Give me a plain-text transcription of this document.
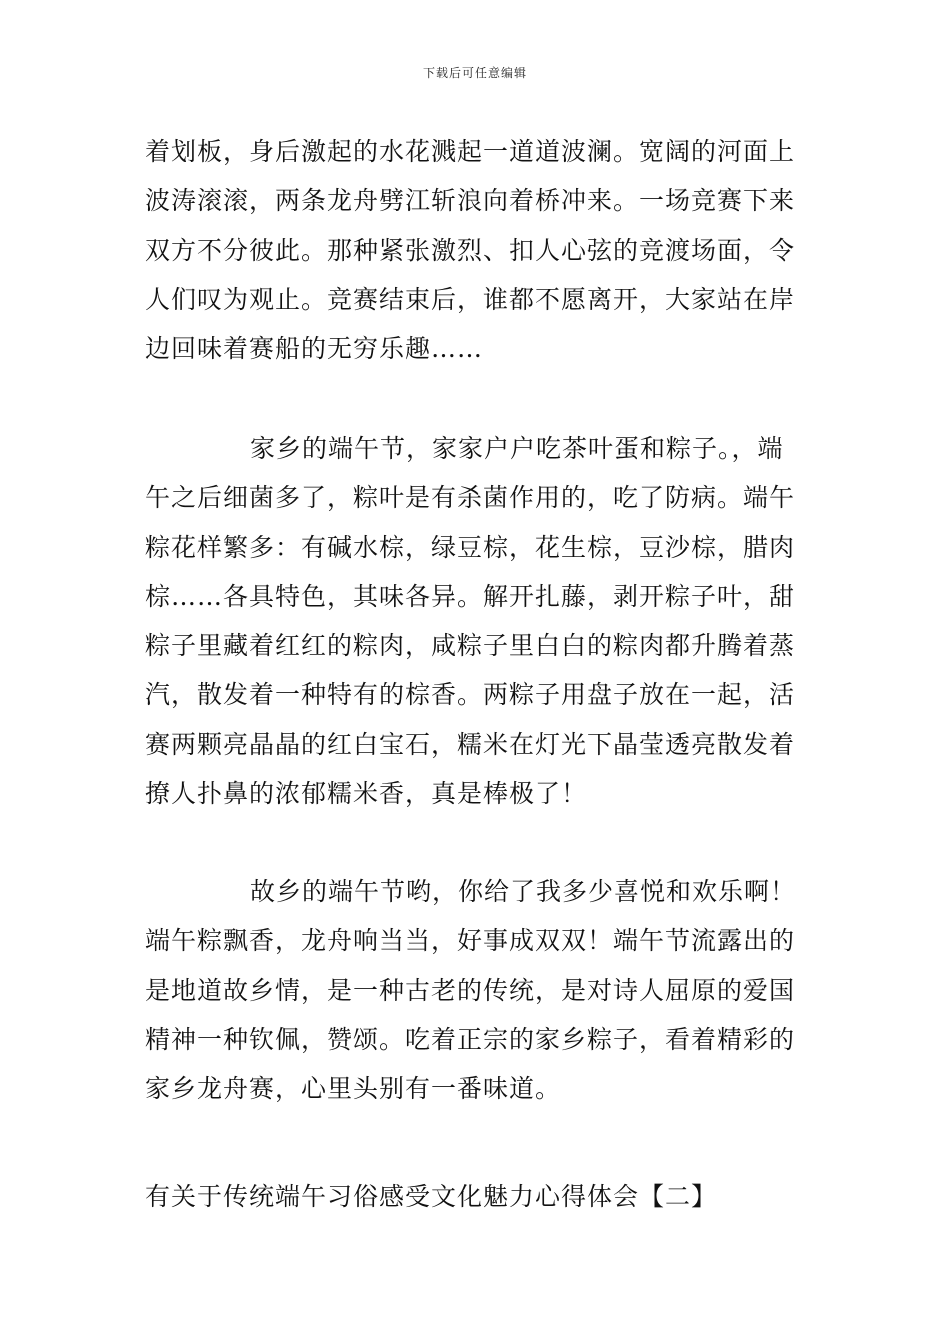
下载后可任意编辑
着划板，身后激起的水花溅起一道道波澜。宽阔的河面上
波涛滚滚，两条龙舟劈江斩浪向着桥冲来。一场竞赛下来
双方不分彼此。那种紧张激烈、扣人心弦的竞渡场面，令
人们叹为观止。竞赛结束后，谁都不愿离开，大家站在岸
边回味着赛船的无穷乐趣……
家乡的端午节，家家户户吃茶叶蛋和粽子。，端
午之后细菌多了，粽叶是有杀菌作用的，吃了防病。端午
粽花样繁多：有碱水棕，绿豆棕，花生棕，豆沙棕，腊肉
棕……各具特色，其味各异。解开扎藤，剥开粽子叶，甜
粽子里藏着红红的粽肉，咸粽子里白白的粽肉都升腾着蒸
汽，散发着一种特有的棕香。两粽子用盘子放在一起，活
赛两颗亮晶晶的红白宝石，糯米在灯光下晶莹透亮散发着
撩人扑鼻的浓郁糯米香，真是棒极了！
故乡的端午节哟，你给了我多少喜悦和欢乐啊！
端午粽飘香，龙舟响当当，好事成双双！端午节流露出的
是地道故乡情，是一种古老的传统，是对诗人屈原的爱国
精神一种钦佩，赞颂。吃着正宗的家乡粽子，看着精彩的
家乡龙舟赛，心里头别有一番味道。
有关于传统端午习俗感受文化魅力心得体会【二】
